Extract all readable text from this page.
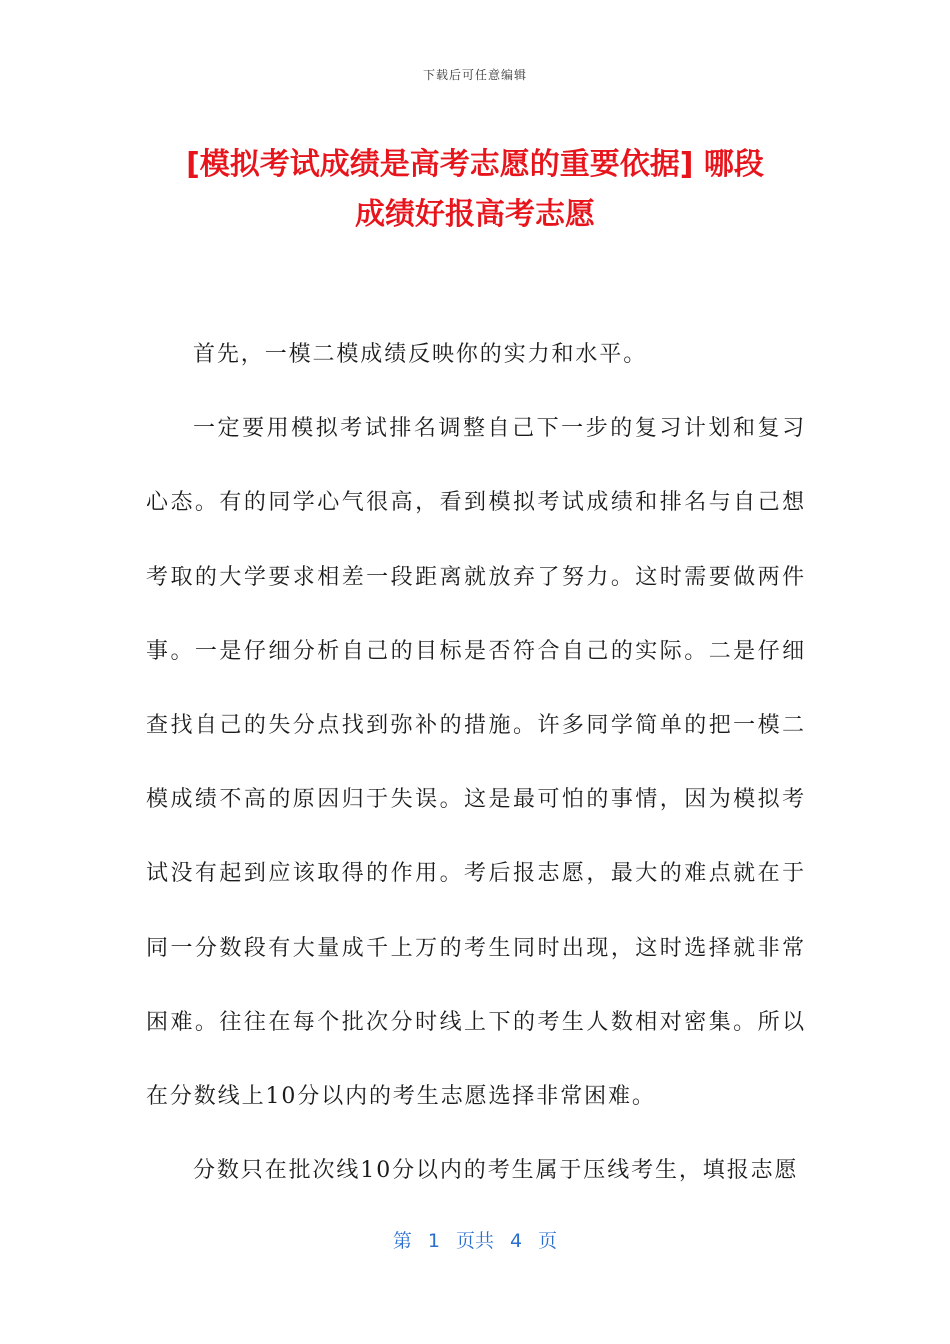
下载后可任意编辑
[模拟考试成绩是高考志愿的重要依据] 哪段
成绩好报高考志愿

首先，一模二模成绩反映你的实力和水平。

一定要用模拟考试排名调整自己下一步的复习计划和复习心态。有的同学心气很高，看到模拟考试成绩和排名与自己想考取的大学要求相差一段距离就放弃了努力。这时需要做两件事。一是仔细分析自己的目标是否符合自己的实际。二是仔细查找自己的失分点找到弥补的措施。许多同学简单的把一模二模成绩不高的原因归于失误。这是最可怕的事情，因为模拟考试没有起到应该取得的作用。考后报志愿，最大的难点就在于同一分数段有大量成千上万的考生同时出现，这时选择就非常困难。往往在每个批次分时线上下的考生人数相对密集。所以在分数线上10分以内的考生志愿选择非常困难。

分数只在批次线10分以内的考生属于压线考生，填报志愿

第 1 页共 4 页
